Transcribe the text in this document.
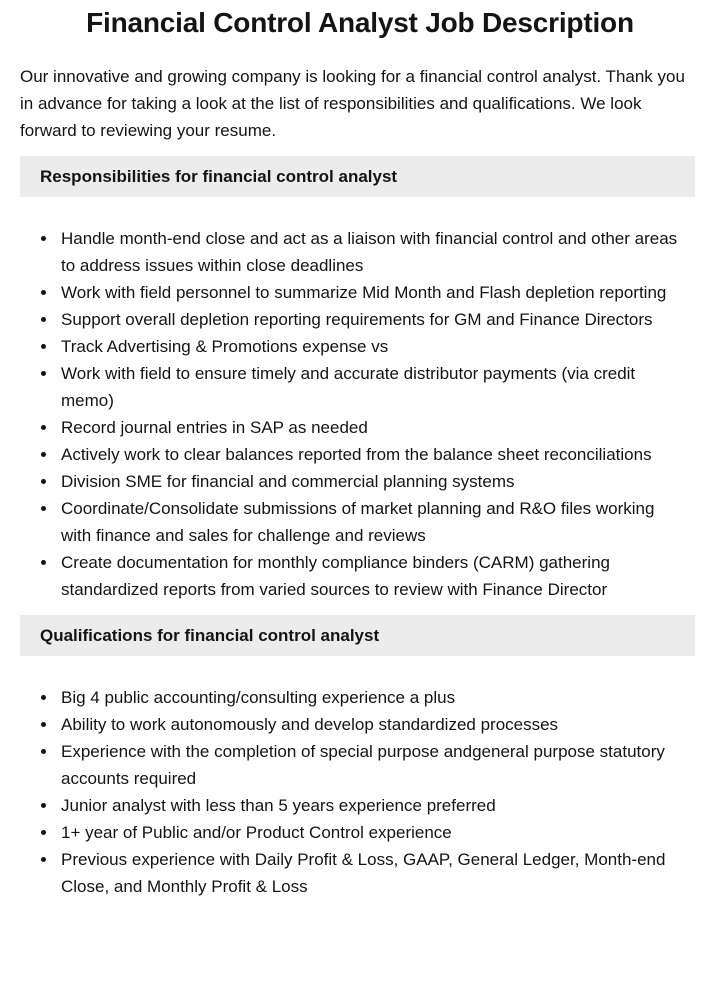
Financial Control Analyst Job Description

Our innovative and growing company is looking for a financial control analyst. Thank you in advance for taking a look at the list of responsibilities and qualifications. We look forward to reviewing your resume.

Responsibilities for financial control analyst
Handle month-end close and act as a liaison with financial control and other areas to address issues within close deadlines
Work with field personnel to summarize Mid Month and Flash depletion reporting
Support overall depletion reporting requirements for GM and Finance Directors
Track Advertising & Promotions expense vs
Work with field to ensure timely and accurate distributor payments (via credit memo)
Record journal entries in SAP as needed
Actively work to clear balances reported from the balance sheet reconciliations
Division SME for financial and commercial planning systems
Coordinate/Consolidate submissions of market planning and R&O files working with finance and sales for challenge and reviews
Create documentation for monthly compliance binders (CARM) gathering standardized reports from varied sources to review with Finance Director
Qualifications for financial control analyst
Big 4 public accounting/consulting experience a plus
Ability to work autonomously and develop standardized processes
Experience with the completion of special purpose andgeneral purpose statutory accounts required
Junior analyst with less than 5 years experience preferred
1+ year of Public and/or Product Control experience
Previous experience with Daily Profit & Loss, GAAP, General Ledger, Month-end Close, and Monthly Profit & Loss
